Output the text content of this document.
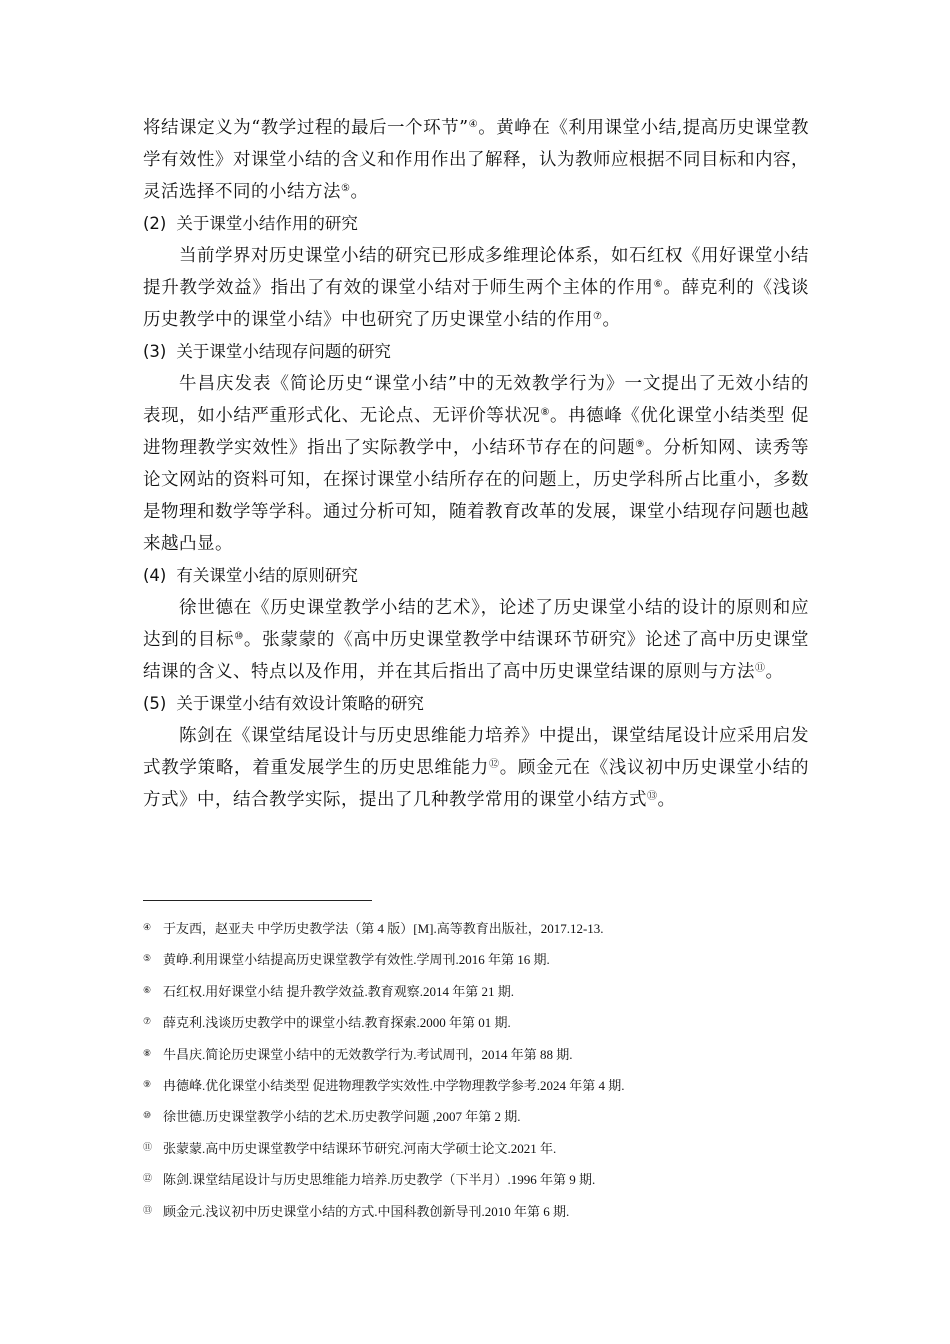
将结课定义为“教学过程的最后一个环节”④。黄峥在《利用课堂小结,提高历史课堂教学有效性》对课堂小结的含义和作用作出了解释，认为教师应根据不同目标和内容，灵活选择不同的小结方法⑤。

(2) 关于课堂小结作用的研究

当前学界对历史课堂小结的研究已形成多维理论体系，如石红权《用好课堂小结 提升教学效益》指出了有效的课堂小结对于师生两个主体的作用⑥。薛克利的《浅谈历史教学中的课堂小结》中也研究了历史课堂小结的作用⑦。

(3) 关于课堂小结现存问题的研究

牛昌庆发表《简论历史“课堂小结”中的无效教学行为》一文提出了无效小结的表现，如小结严重形式化、无论点、无评价等状况⑧。冉德峰《优化课堂小结类型 促进物理教学实效性》指出了实际教学中，小结环节存在的问题⑨。分析知网、读秀等论文网站的资料可知，在探讨课堂小结所存在的问题上，历史学科所占比重小，多数是物理和数学等学科。通过分析可知，随着教育改革的发展，课堂小结现存问题也越来越凸显。

(4) 有关课堂小结的原则研究

徐世德在《历史课堂教学小结的艺术》，论述了历史课堂小结的设计的原则和应达到的目标⑩。张蒙蒙的《高中历史课堂教学中结课环节研究》论述了高中历史课堂结课的含义、特点以及作用，并在其后指出了高中历史课堂结课的原则与方法⑪。

(5) 关于课堂小结有效设计策略的研究

陈剑在《课堂结尾设计与历史思维能力培养》中提出，课堂结尾设计应采用启发式教学策略，着重发展学生的历史思维能力⑫。顾金元在《浅议初中历史课堂小结的方式》中，结合教学实际，提出了几种教学常用的课堂小结方式⑬。

④ 于友西，赵亚夫 中学历史教学法（第 4 版）[M].高等教育出版社，2017.12-13.
⑤ 黄峥.利用课堂小结提高历史课堂教学有效性.学周刊.2016 年第 16 期.
⑥ 石红权.用好课堂小结 提升教学效益.教育观察.2014 年第 21 期.
⑦ 薛克利.浅谈历史教学中的课堂小结.教育探索.2000 年第 01 期.
⑧ 牛昌庆.简论历史课堂小结中的无效教学行为.考试周刊，2014 年第 88 期.
⑨ 冉德峰.优化课堂小结类型 促进物理教学实效性.中学物理教学参考.2024 年第 4 期.
⑩ 徐世德.历史课堂教学小结的艺术.历史教学问题 ,2007 年第 2 期.
⑪ 张蒙蒙.高中历史课堂教学中结课环节研究.河南大学硕士论文.2021 年.
⑫ 陈剑.课堂结尾设计与历史思维能力培养.历史教学（下半月）.1996 年第 9 期.
⑬ 顾金元.浅议初中历史课堂小结的方式.中国科教创新导刊.2010 年第 6 期.
